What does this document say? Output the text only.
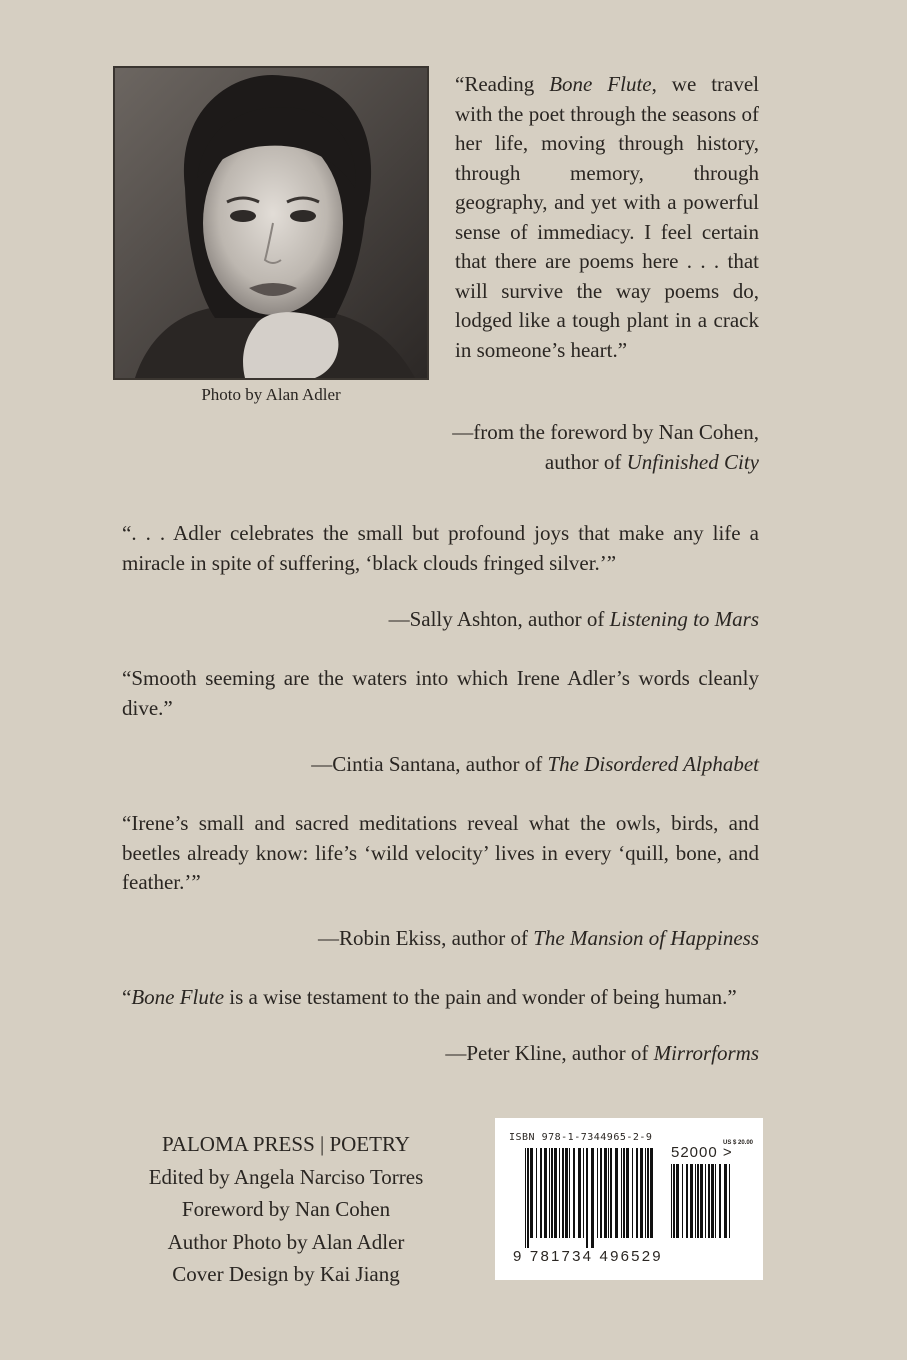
Photo by Alan Adler
“Reading Bone Flute, we travel with the poet through the seasons of her life, moving through history, through memory, through geography, and yet with a powerful sense of immediacy. I feel certain that there are poems here . . . that will survive the way poems do, lodged like a tough plant in a crack in someone’s heart.”
—from the foreword by Nan Cohen,
author of Unfinished City
“. . . Adler celebrates the small but profound joys that make any life a miracle in spite of suffering, ‘black clouds fringed silver.’”
—Sally Ashton, author of Listening to Mars
“Smooth seeming are the waters into which Irene Adler’s words cleanly dive.”
—Cintia Santana, author of The Disordered Alphabet
“Irene’s small and sacred meditations reveal what the owls, birds, and beetles already know: life’s ‘wild velocity’ lives in every ‘quill, bone, and feather.’”
—Robin Ekiss, author of The Mansion of Happiness
“Bone Flute is a wise testament to the pain and wonder of being human.”
—Peter Kline, author of Mirrorforms
PALOMA PRESS | POETRY
Edited by Angela Narciso Torres
Foreword by Nan Cohen
Author Photo by Alan Adler
Cover Design by Kai Jiang
ISBN 978-1-7344965-2-9	US $ 20.00
52000 >
9 781734 496529
